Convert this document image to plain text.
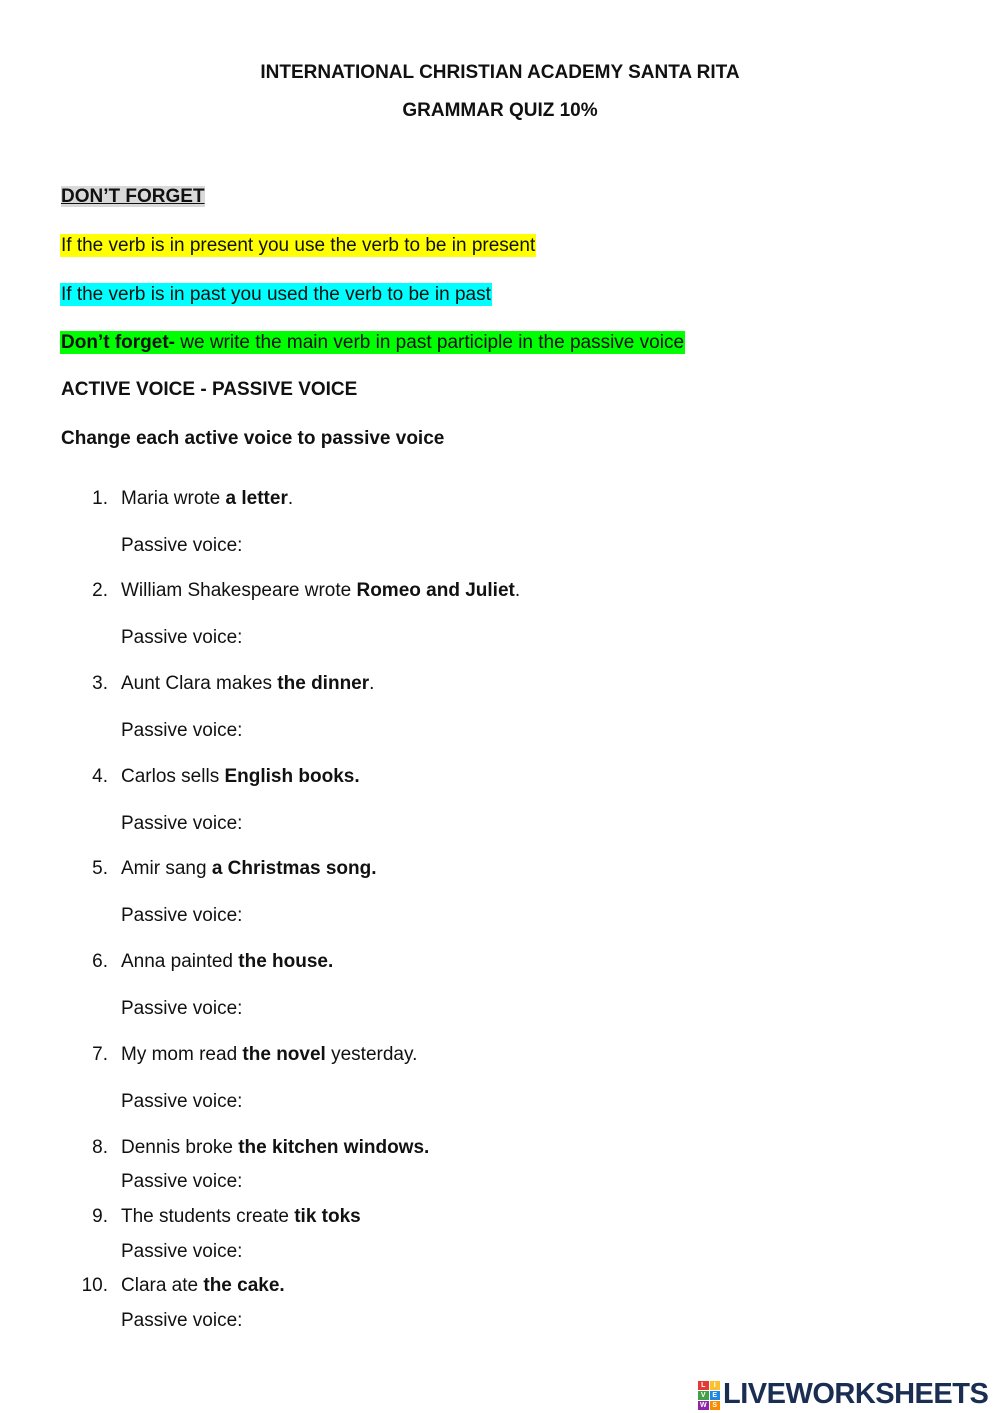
INTERNATIONAL CHRISTIAN ACADEMY SANTA RITA
GRAMMAR QUIZ 10%
DON’T FORGET
If the verb is in present you use the verb to be in present
If the verb is in past you used the verb to be in past
Don’t forget- we write the main verb in past participle in the passive voice
ACTIVE VOICE - PASSIVE VOICE
Change each active voice to passive voice
1. Maria wrote a letter.
Passive voice:
2. William Shakespeare wrote Romeo and Juliet.
Passive voice:
3. Aunt Clara makes the dinner.
Passive voice:
4. Carlos sells English books.
Passive voice:
5. Amir sang a Christmas song.
Passive voice:
6. Anna painted the house.
Passive voice:
7. My mom read the novel yesterday.
Passive voice:
8. Dennis broke the kitchen windows.
Passive voice:
9. The students create tik toks
Passive voice:
10. Clara ate the cake.
Passive voice:
L	I
V E
W S LIVEWORKSHEETS
